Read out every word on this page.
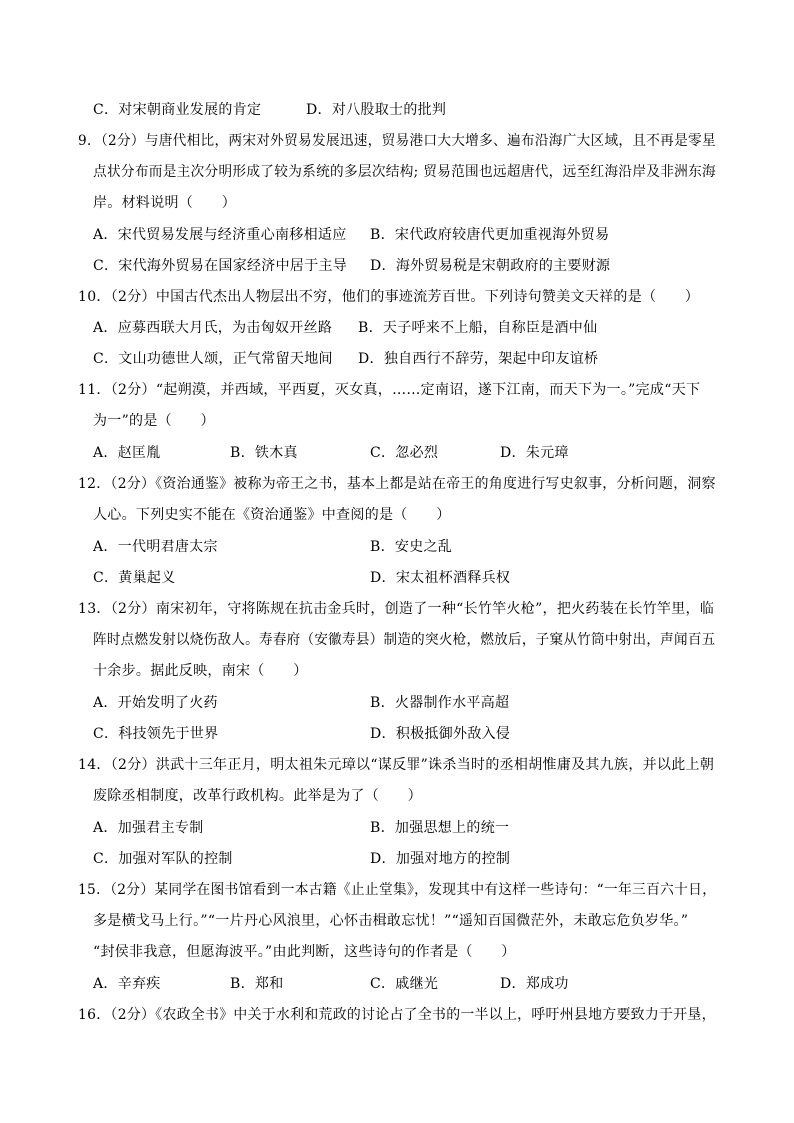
C．对宋朝商业发展的肯定	D．对八股取士的批判
9．（2分）与唐代相比，两宋对外贸易发展迅速，贸易港口大大增多、遍布沿海广大区域，且不再是零星
点状分布而是主次分明形成了较为系统的多层次结构; 贸易范围也远超唐代，远至红海沿岸及非洲东海
岸。材料说明（　　）
A．宋代贸易发展与经济重心南移相适应 B．宋代政府较唐代更加重视海外贸易
C．宋代海外贸易在国家经济中居于主导 D．海外贸易税是宋朝政府的主要财源
10．（2分）中国古代杰出人物层出不穷，他们的事迹流芳百世。下列诗句赞美文天祥的是（　　）
A．应募西联大月氏，为击匈奴开丝路 B．天子呼来不上船，自称臣是酒中仙
C．文山功德世人颂，正气常留天地间 D．独自西行不辞劳，架起中印友谊桥
11．（2分）“起朔漠，并西域，平西夏，灭女真，……定南诏，遂下江南，而天下为一。”完成“天下
为一”的是（　　）
A．赵匡胤	B．铁木真	C．忽必烈	D．朱元璋
12．（2分）《资治通鉴》被称为帝王之书，基本上都是站在帝王的角度进行写史叙事，分析问题，洞察
人心。下列史实不能在《资治通鉴》中查阅的是（　　）
A．一代明君唐太宗	B．安史之乱
C．黄巢起义	D．宋太祖杯酒释兵权
13．（2分）南宋初年，守将陈规在抗击金兵时，创造了一种“长竹竿火枪”，把火药装在长竹竿里，临
阵时点燃发射以烧伤敌人。寿春府（安徽寿县）制造的突火枪，燃放后，子窠从竹筒中射出，声闻百五
十余步。据此反映，南宋（　　）
A．开始发明了火药	B．火器制作水平高超
C．科技领先于世界	D．积极抵御外敌入侵
14．（2分）洪武十三年正月，明太祖朱元璋以“谋反罪”诛杀当时的丞相胡惟庸及其九族，并以此上朝
废除丞相制度，改革行政机构。此举是为了（　　）
A．加强君主专制	B．加强思想上的统一
C．加强对军队的控制	D．加强对地方的控制
15．（2分）某同学在图书馆看到一本古籍《止止堂集》，发现其中有这样一些诗句：“一年三百六十日，
多是横戈马上行。”“一片丹心风浪里，心怀击楫敢忘忧！”“遥知百国微茫外，未敢忘危负岁华。”
“封侯非我意，但愿海波平。”由此判断，这些诗句的作者是（　　）
A．辛弃疾	B．郑和	C．戚继光	D．郑成功
16．（2分）《农政全书》中关于水利和荒政的讨论占了全书的一半以上，呼吁州县地方要致力于开垦，
